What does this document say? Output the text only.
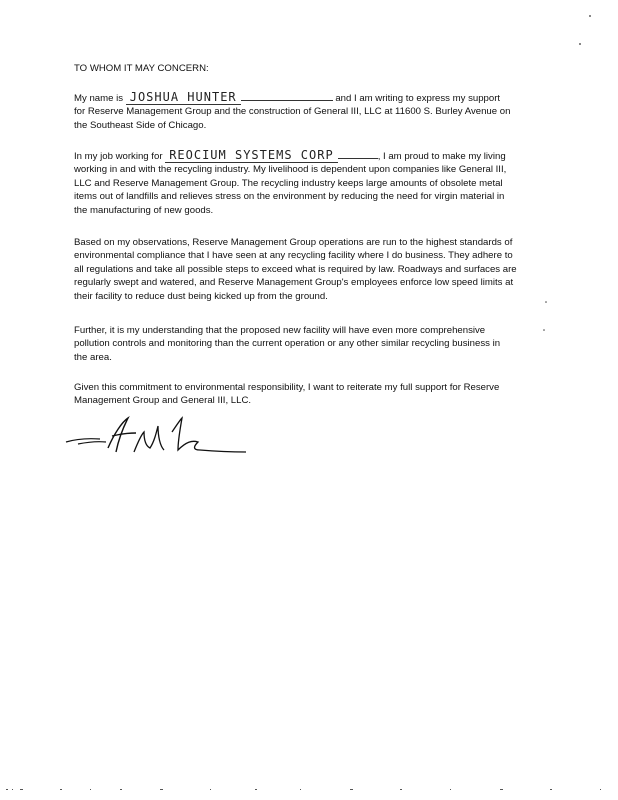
TO WHOM IT MAY CONCERN:
My name is JOSHUA HUNTER	and I am writing to express my support
for Reserve Management Group and the construction of General III, LLC at 11600 S. Burley Avenue on
the Southeast Side of Chicago.
In my job working for REOCIUM SYSTEMS CORP	, I am proud to make my living
working in and with the recycling industry. My livelihood is dependent upon companies like General III,
LLC and Reserve Management Group. The recycling industry keeps large amounts of obsolete metal
items out of landfills and relieves stress on the environment by reducing the need for virgin material in
the manufacturing of new goods.
Based on my observations, Reserve Management Group operations are run to the highest standards of
environmental compliance that I have seen at any recycling facility where I do business. They adhere to
all regulations and take all possible steps to exceed what is required by law. Roadways and surfaces are
regularly swept and watered, and Reserve Management Group's employees enforce low speed limits at
their facility to reduce dust being kicked up from the ground.
Further, it is my understanding that the proposed new facility will have even more comprehensive
pollution controls and monitoring than the current operation or any other similar recycling business in
the area.
Given this commitment to environmental responsibility, I want to reiterate my full support for Reserve
Management Group and General III, LLC.
